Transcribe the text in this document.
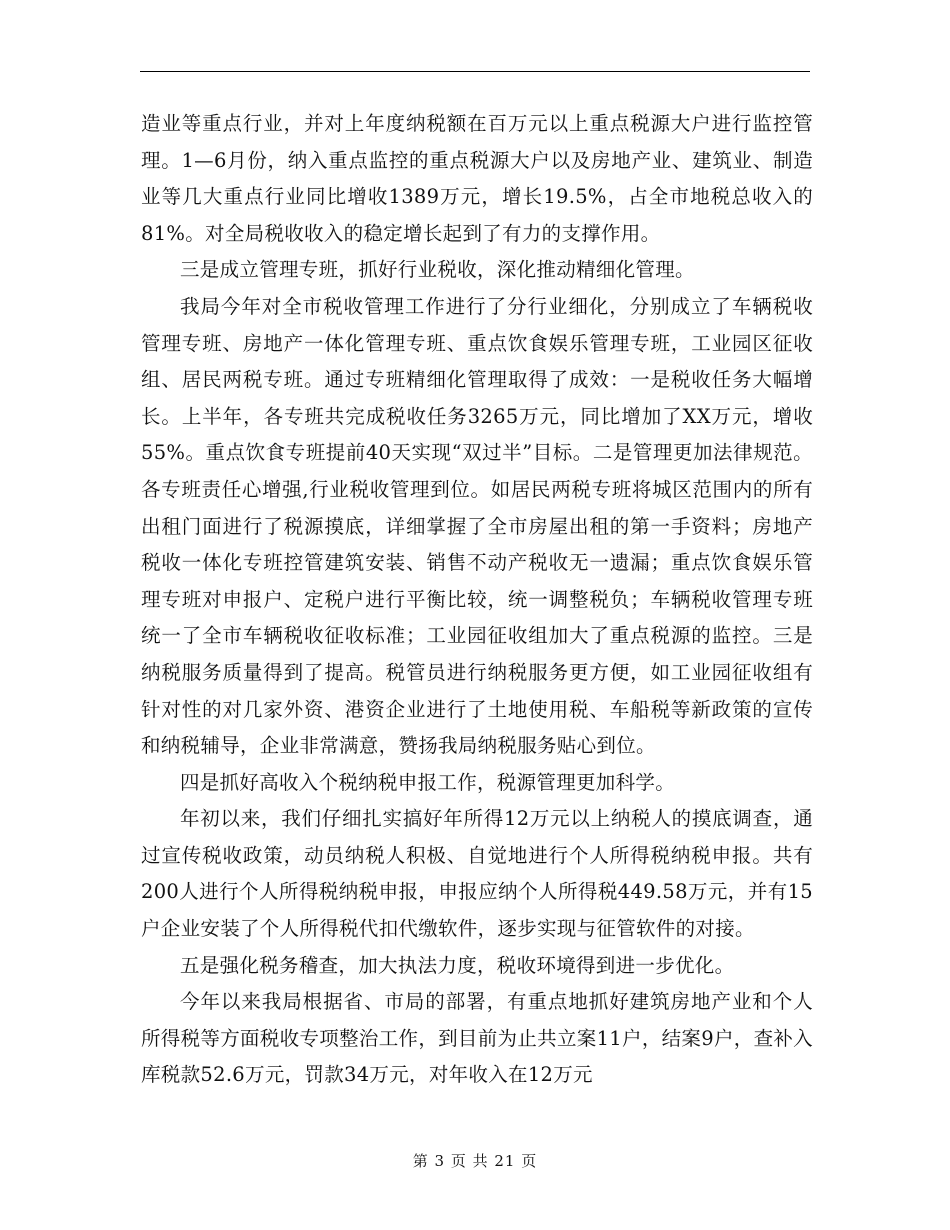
造业等重点行业，并对上年度纳税额在百万元以上重点税源大户进行监控管理。1—6月份，纳入重点监控的重点税源大户以及房地产业、建筑业、制造业等几大重点行业同比增收1389万元，增长19.5%，占全市地税总收入的81%。对全局税收收入的稳定增长起到了有力的支撑作用。

三是成立管理专班，抓好行业税收，深化推动精细化管理。

我局今年对全市税收管理工作进行了分行业细化，分别成立了车辆税收管理专班、房地产一体化管理专班、重点饮食娱乐管理专班，工业园区征收组、居民两税专班。通过专班精细化管理取得了成效：一是税收任务大幅增长。上半年，各专班共完成税收任务3265万元，同比增加了XX万元，增收55%。重点饮食专班提前40天实现“双过半”目标。二是管理更加法律规范。各专班责任心增强,行业税收管理到位。如居民两税专班将城区范围内的所有出租门面进行了税源摸底，详细掌握了全市房屋出租的第一手资料；房地产税收一体化专班控管建筑安装、销售不动产税收无一遗漏；重点饮食娱乐管理专班对申报户、定税户进行平衡比较，统一调整税负；车辆税收管理专班统一了全市车辆税收征收标准；工业园征收组加大了重点税源的监控。三是纳税服务质量得到了提高。税管员进行纳税服务更方便，如工业园征收组有针对性的对几家外资、港资企业进行了土地使用税、车船税等新政策的宣传和纳税辅导，企业非常满意，赞扬我局纳税服务贴心到位。

四是抓好高收入个税纳税申报工作，税源管理更加科学。

年初以来，我们仔细扎实搞好年所得12万元以上纳税人的摸底调查，通过宣传税收政策，动员纳税人积极、自觉地进行个人所得税纳税申报。共有200人进行个人所得税纳税申报，申报应纳个人所得税449.58万元，并有15户企业安装了个人所得税代扣代缴软件，逐步实现与征管软件的对接。

五是强化税务稽查，加大执法力度，税收环境得到进一步优化。

今年以来我局根据省、市局的部署，有重点地抓好建筑房地产业和个人所得税等方面税收专项整治工作，到目前为止共立案11户，结案9户，查补入库税款52.6万元，罚款34万元，对年收入在12万元

第 3 页 共 21 页
